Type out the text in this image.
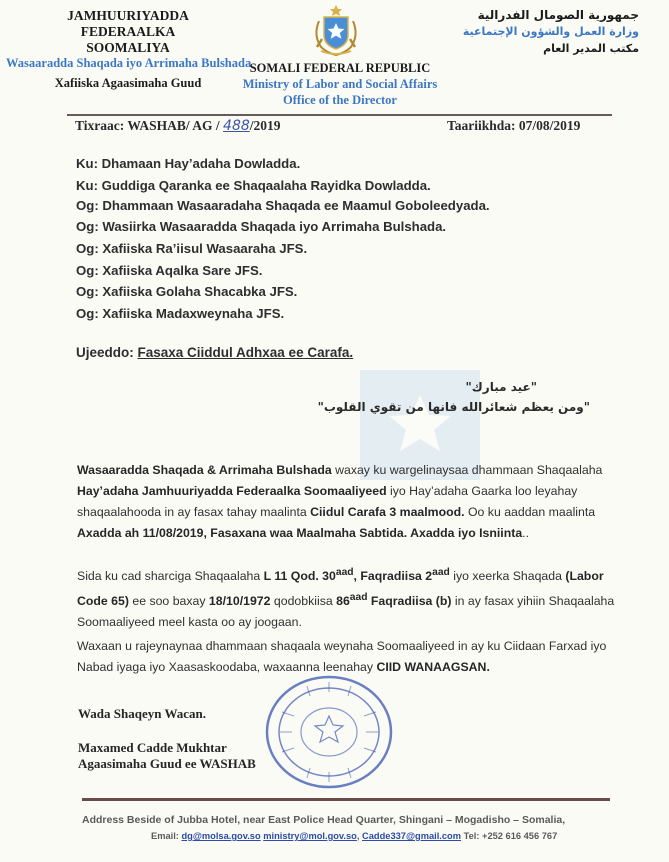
JAMHUURIYADDA FEDERAALKA
SOOMALIYA
Wasaaradda Shaqada iyo Arrimaha Bulshada
Xafiiska Agaasimaha Guud
جمهورية الصومال الفدرالية
وزارة العمل والشؤون الإجتماعية
مكتب المدير العام
SOMALI FEDERAL REPUBLIC
Ministry of Labor and Social Affairs
Office of the Director
Tixraac: WASHAB/ AG / 488/2019	Taariikhda: 07/08/2019
Ku: Dhamaan Hay’adaha Dowladda.
Ku: Guddiga Qaranka ee Shaqaalaha Rayidka Dowladda.
Og: Dhammaan Wasaaradaha Shaqada ee Maamul Goboleedyada.
Og: Wasiirka Wasaaradda Shaqada iyo Arrimaha Bulshada.
Og: Xafiiska Ra’iisul Wasaaraha JFS.
Og: Xafiiska Aqalka Sare JFS.
Og: Xafiiska Golaha Shacabka JFS.
Og: Xafiiska Madaxweynaha JFS.
Ujeeddo: Fasaxa Ciiddul Adhxaa ee Carafa.
"عيد مبارك"
"ومن يعظم شعائرالله فانها من تقوي القلوب"
Wasaaradda Shaqada & Arrimaha Bulshada waxay ku wargelinaysaa dhammaan Shaqaalaha Hay’adaha Jamhuuriyadda Federaalka Soomaaliyeed iyo Hay’adaha Gaarka loo leyahay shaqaalahooda in ay fasax tahay maalinta Ciidul Carafa 3 maalmood. Oo ku aaddan maalinta Axadda ah 11/08/2019, Fasaxana waa Maalmaha Sabtida. Axadda iyo Isniinta..
Sida ku cad sharciga Shaqaalaha L 11 Qod. $30^{aad}$, Faqradiisa $2^{aad}$ iyo xeerka Shaqada (Labor Code 65) ee soo baxay 18/10/1972 qodobkiisa $86^{aad}$ Faqradiisa (b) in ay fasax yihiin Shaqaalaha Soomaaliyeed meel kasta oo ay joogaan.
Waxaan u rajeynaynaa dhammaan shaqaala weynaha Soomaaliyeed in ay ku Ciidaan Farxad iyo Nabad iyaga iyo Xaasaskoodaba, waxaanna leenahay CIID WANAAGSAN.
Wada Shaqeyn Wacan.
Maxamed Cadde Mukhtar
Agaasimaha Guud ee WASHAB
Address Beside of Jubba Hotel, near East Police Head Quarter, Shingani – Mogadisho – Somalia,
Email: dg@molsa.gov.so ministry@mol.gov.so, Cadde337@gmail.com Tel: +252 616 456 767
